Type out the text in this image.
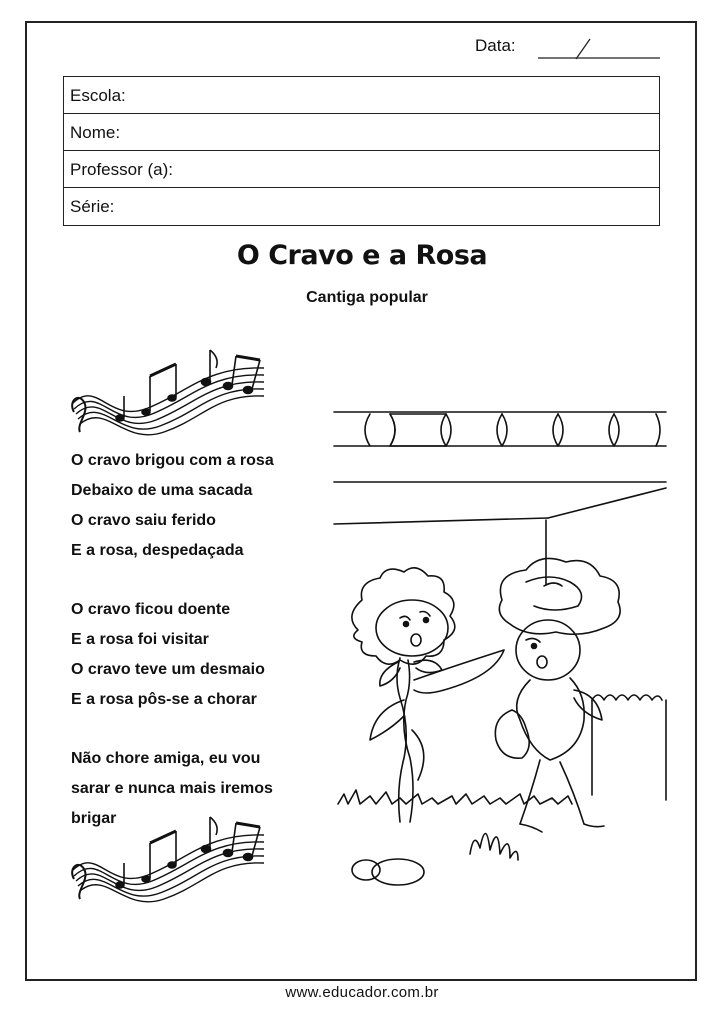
Data:
Escola:
Nome:
Professor (a):
Série:
O Cravo e a Rosa
Cantiga popular
O cravo brigou com a rosa
Debaixo de uma sacada
O cravo saiu ferido
E a rosa, despedaçada
O cravo ficou doente
E a rosa foi visitar
O cravo teve um desmaio
E a rosa pôs-se a chorar
Não chore amiga, eu vou
sarar e nunca mais iremos
brigar
www.educador.com.br
